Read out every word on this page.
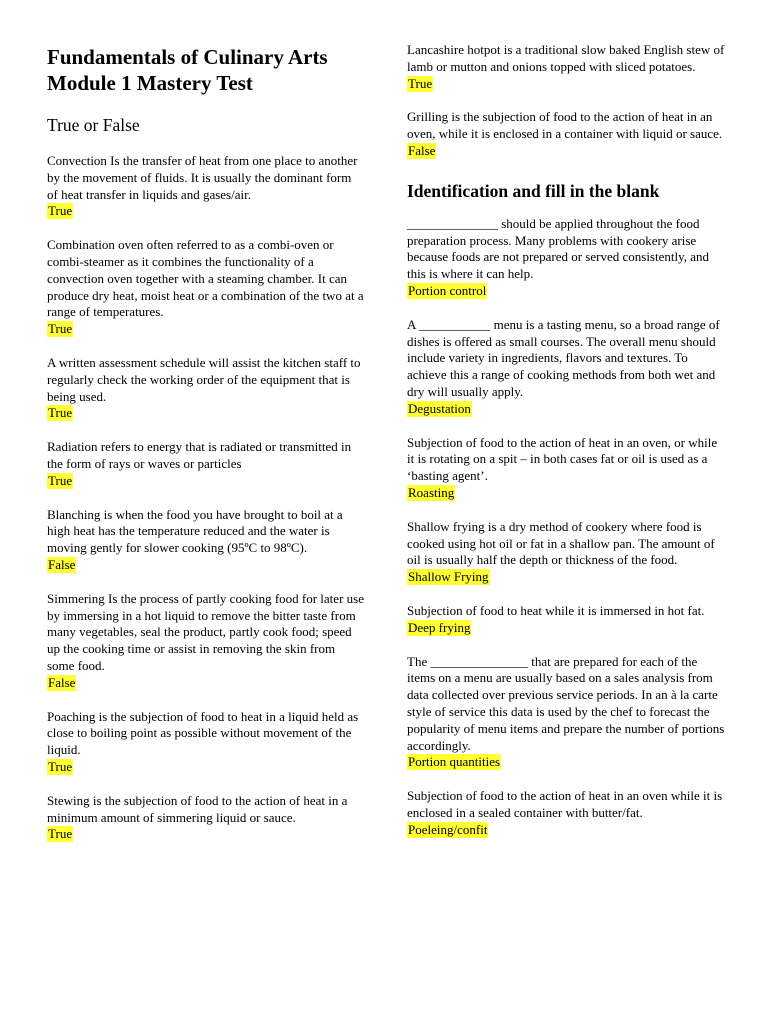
Fundamentals of Culinary Arts
Module 1 Mastery Test
True or False

Convection Is the transfer of heat from one place to another by the movement of fluids. It is usually the dominant form of heat transfer in liquids and gases/air.

True

Combination oven often referred to as a combi-oven or combi-steamer as it combines the functionality of a convection oven together with a steaming chamber. It can produce dry heat, moist heat or a combination of the two at a range of temperatures.

True

A written assessment schedule will assist the kitchen staff to regularly check the working order of the equipment that is being used.

True

Radiation refers to energy that is radiated or transmitted in the form of rays or waves or particles

True

Blanching is when the food you have brought to boil at a high heat has the temperature reduced and the water is moving gently for slower cooking (95ºC to 98ºC).

False

Simmering Is the process of partly cooking food for later use by immersing in a hot liquid to remove the bitter taste from many vegetables, seal the product, partly cook food; speed up the cooking time or assist in removing the skin from some food.

False

Poaching is the subjection of food to heat in a liquid held as close to boiling point as possible without movement of the liquid.

True

Stewing is the subjection of food to the action of heat in a minimum amount of simmering liquid or sauce.

True

Lancashire hotpot is a traditional slow baked English stew of lamb or mutton and onions topped with sliced potatoes.

True

Grilling is the subjection of food to the action of heat in an oven, while it is enclosed in a container with liquid or sauce.

False
Identification and fill in the blank

______________ should be applied throughout the food preparation process. Many problems with cookery arise because foods are not prepared or served consistently, and this is where it can help.

Portion control

A ___________ menu is a tasting menu, so a broad range of dishes is offered as small courses. The overall menu should include variety in ingredients, flavors and textures. To achieve this a range of cooking methods from both wet and dry will usually apply.

Degustation

Subjection of food to the action of heat in an oven, or while it is rotating on a spit – in both cases fat or oil is used as a ‘basting agent’.

Roasting

Shallow frying is a dry method of cookery where food is cooked using hot oil or fat in a shallow pan. The amount of oil is usually half the depth or thickness of the food.

Shallow Frying

Subjection of food to heat while it is immersed in hot fat.

Deep frying

The _______________ that are prepared for each of the items on a menu are usually based on a sales analysis from data collected over previous service periods. In an à la carte style of service this data is used by the chef to forecast the popularity of menu items and prepare the number of portions accordingly.

Portion quantities

Subjection of food to the action of heat in an oven while it is enclosed in a sealed container with butter/fat.

Poeleing/confit
